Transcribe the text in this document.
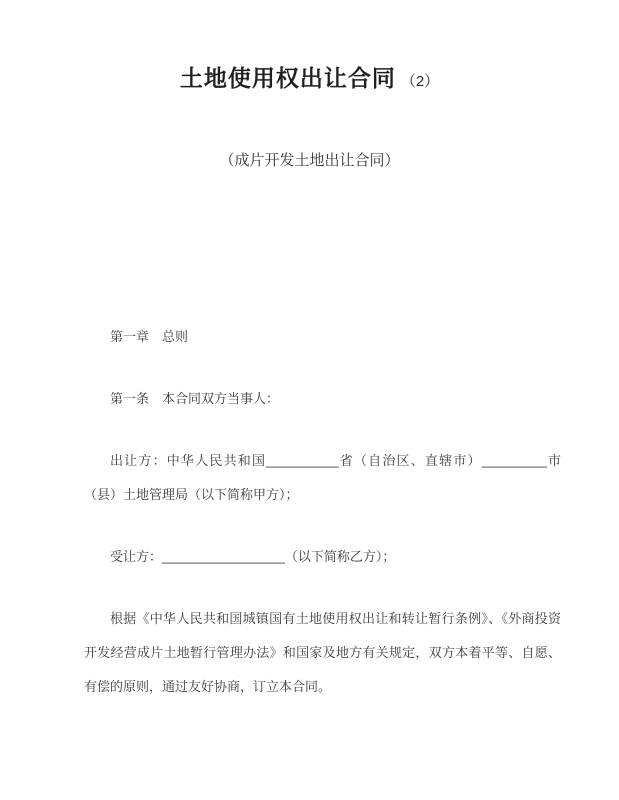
土地使用权出让合同 （2）
（成片开发土地出让合同）

第一章　总则

第一条　本合同双方当事人：

出让方：中华人民共和国__________省（自治区、直辖市）_________市（县）土地管理局（以下简称甲方）；

受让方：_________________（以下简称乙方）；

根据《中华人民共和国城镇国有土地使用权出让和转让暂行条例》、《外商投资开发经营成片土地暂行管理办法》和国家及地方有关规定，双方本着平等、自愿、有偿的原则，通过友好协商，订立本合同。
